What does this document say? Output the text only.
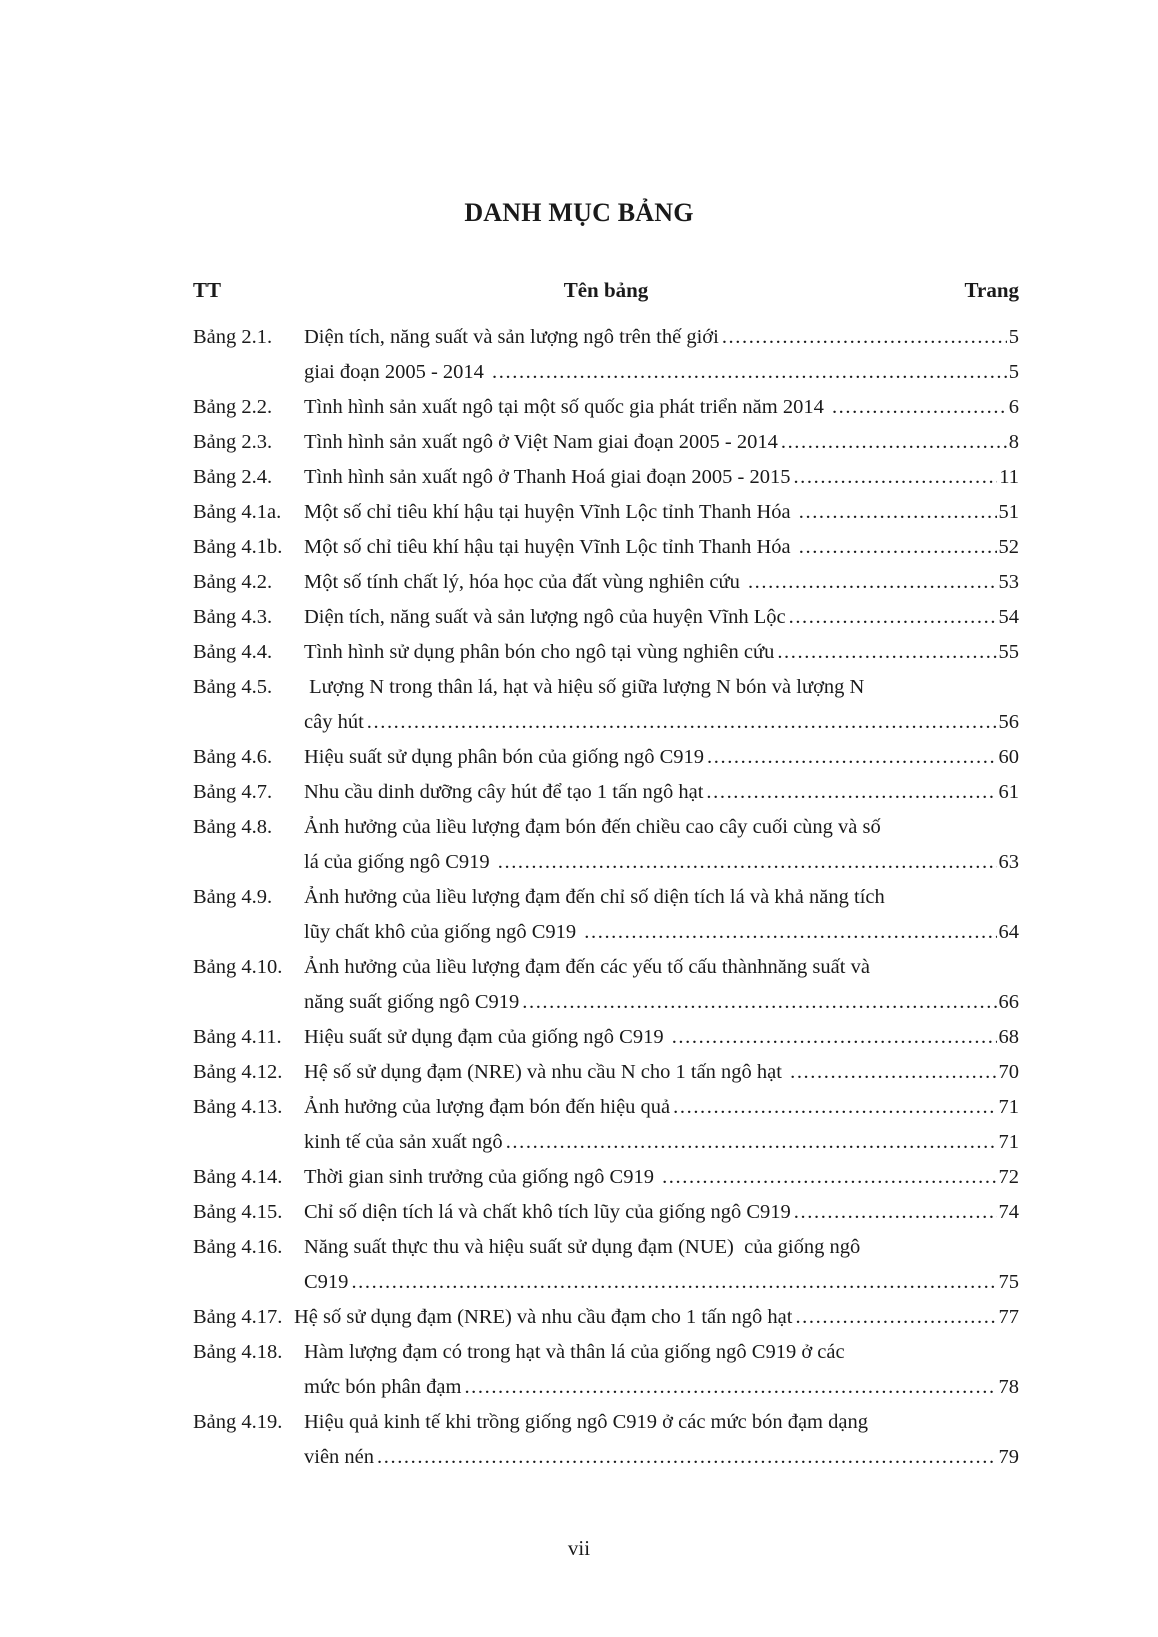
DANH MỤC BẢNG
TT	Tên bảng	Trang
Bảng 2.1. Diện tích, năng suất và sản lượng ngô trên thế giới .....	5
giai đoạn 2005 - 2014 .....	5
Bảng 2.2. Tình hình sản xuất ngô tại một số quốc gia phát triển năm 2014 .....	6
Bảng 2.3. Tình hình sản xuất ngô ở Việt Nam giai đoạn 2005 - 2014 .....	8
Bảng 2.4. Tình hình sản xuất ngô ở Thanh Hoá giai đoạn 2005 - 2015 .....	11
Bảng 4.1a. Một số chỉ tiêu khí hậu tại huyện Vĩnh Lộc tỉnh Thanh Hóa .....	51
Bảng 4.1b. Một số chỉ tiêu khí hậu tại huyện Vĩnh Lộc tỉnh Thanh Hóa .....	52
Bảng 4.2. Một số tính chất lý, hóa học của đất vùng nghiên cứu .....	53
Bảng 4.3. Diện tích, năng suất và sản lượng ngô của huyện Vĩnh Lộc .....	54
Bảng 4.4. Tình hình sử dụng phân bón cho ngô tại vùng nghiên cứu .....	55
Bảng 4.5. Lượng N trong thân lá, hạt và hiệu số giữa lượng N bón và lượng N
cây hút .....	56
Bảng 4.6. Hiệu suất sử dụng phân bón của giống ngô C919 .....	60
Bảng 4.7. Nhu cầu dinh dưỡng cây hút để tạo 1 tấn ngô hạt .....	61
Bảng 4.8. Ảnh hưởng của liều lượng đạm bón đến chiều cao cây cuối cùng và số
lá của giống ngô C919 .....	63
Bảng 4.9. Ảnh hưởng của liều lượng đạm đến chỉ số diện tích lá và khả năng tích
lũy chất khô của giống ngô C919 .....	64
Bảng 4.10. Ảnh hưởng của liều lượng đạm đến các yếu tố cấu thànhnăng suất và
năng suất giống ngô C919 .....	66
Bảng 4.11. Hiệu suất sử dụng đạm của giống ngô C919 .....	68
Bảng 4.12. Hệ số sử dụng đạm (NRE) và nhu cầu N cho 1 tấn ngô hạt .....	70
Bảng 4.13. Ảnh hưởng của lượng đạm bón đến hiệu quả .....	71
kinh tế của sản xuất ngô .....	71
Bảng 4.14. Thời gian sinh trưởng của giống ngô C919 .....	72
Bảng 4.15. Chỉ số diện tích lá và chất khô tích lũy của giống ngô C919 .....	74
Bảng 4.16. Năng suất thực thu và hiệu suất sử dụng đạm (NUE)  của giống ngô
C919 .....	75
Bảng 4.17. Hệ số sử dụng đạm (NRE) và nhu cầu đạm cho 1 tấn ngô hạt .....	77
Bảng 4.18. Hàm lượng đạm có trong hạt và thân lá của giống ngô C919 ở các
mức bón phân đạm .....	78
Bảng 4.19. Hiệu quả kinh tế khi trồng giống ngô C919 ở các mức bón đạm dạng
viên nén .....	79
vii
